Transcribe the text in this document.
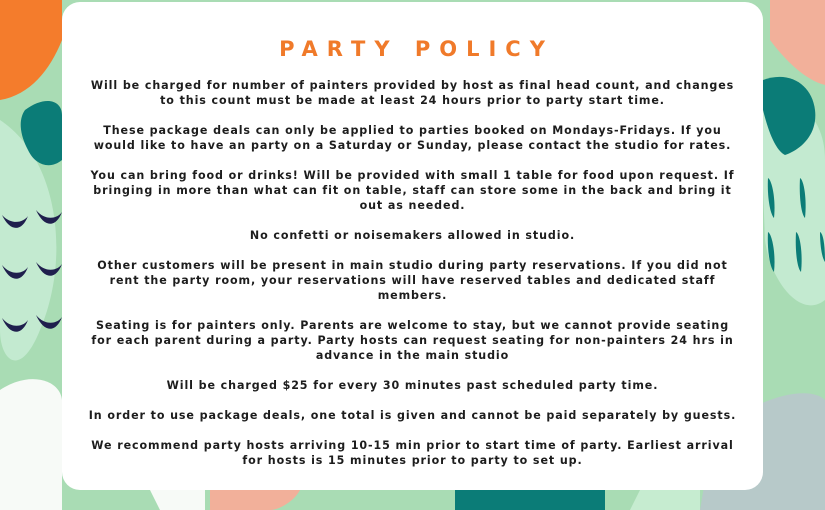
PARTY POLICY
Will be charged for number of painters provided by host as final head count, and changes to this count must be made at least 24 hours prior to party start time.
These package deals can only be applied to parties booked on Mondays-Fridays. If you would like to have an party on a Saturday or Sunday, please contact the studio for rates.
You can bring food or drinks! Will be provided with small 1 table for food upon request. If bringing in more than what can fit on table, staff can store some in the back and bring it out as needed.
No confetti or noisemakers allowed in studio.
Other customers will be present in main studio during party reservations. If you did not rent the party room, your reservations will have reserved tables and dedicated staff members.
Seating is for painters only. Parents are welcome to stay, but we cannot provide seating for each parent during a party. Party hosts can request seating for non-painters 24 hrs in advance in the main studio
Will be charged $25 for every 30 minutes past scheduled party time.
In order to use package deals, one total is given and cannot be paid separately by guests.
We recommend party hosts arriving 10-15 min prior to start time of party. Earliest arrival for hosts is 15 minutes prior to party to set up.
